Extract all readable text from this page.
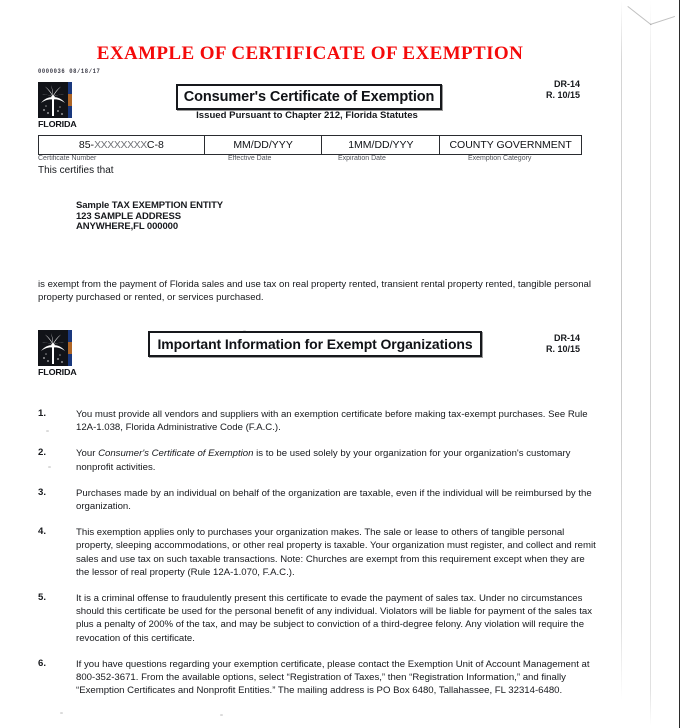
EXAMPLE OF CERTIFICATE OF EXEMPTION
0000036 08/18/17
FLORIDA
Consumer's Certificate of Exemption
Issued Pursuant to Chapter 212, Florida Statutes
DR-14
R. 10/15
85- XXXXXXXX C-8	MM/DD/YYY	1MM/DD/YYY	COUNTY GOVERNMENT
Certificate Number	Effective Date	Expiration Date	Exemption Category
This certifies that
Sample TAX EXEMPTION ENTITY
123 SAMPLE ADDRESS
ANYWHERE,FL 000000
is exempt from the payment of Florida sales and use tax on real property rented, transient rental property rented, tangible personal property purchased or rented, or services purchased.
FLORIDA
Important Information for Exempt Organizations	DR-14
R. 10/15
1.	You must provide all vendors and suppliers with an exemption certificate before making tax-exempt purchases. See Rule 12A-1.038, Florida Administrative Code (F.A.C.).
2.	Your Consumer's Certificate of Exemption is to be used solely by your organization for your organization's customary nonprofit activities.
3.	Purchases made by an individual on behalf of the organization are taxable, even if the individual will be reimbursed by the organization.
4.	This exemption applies only to purchases your organization makes. The sale or lease to others of tangible personal property, sleeping accommodations, or other real property is taxable. Your organization must register, and collect and remit sales and use tax on such taxable transactions. Note: Churches are exempt from this requirement except when they are the lessor of real property (Rule 12A-1.070, F.A.C.).
5.	It is a criminal offense to fraudulently present this certificate to evade the payment of sales tax. Under no circumstances should this certificate be used for the personal benefit of any individual. Violators will be liable for payment of the sales tax plus a penalty of 200% of the tax, and may be subject to conviction of a third-degree felony. Any violation will require the revocation of this certificate.
6.	If you have questions regarding your exemption certificate, please contact the Exemption Unit of Account Management at 800-352-3671. From the available options, select “Registration of Taxes,” then “Registration Information,” and finally “Exemption Certificates and Nonprofit Entities.” The mailing address is PO Box 6480, Tallahassee, FL 32314-6480.
